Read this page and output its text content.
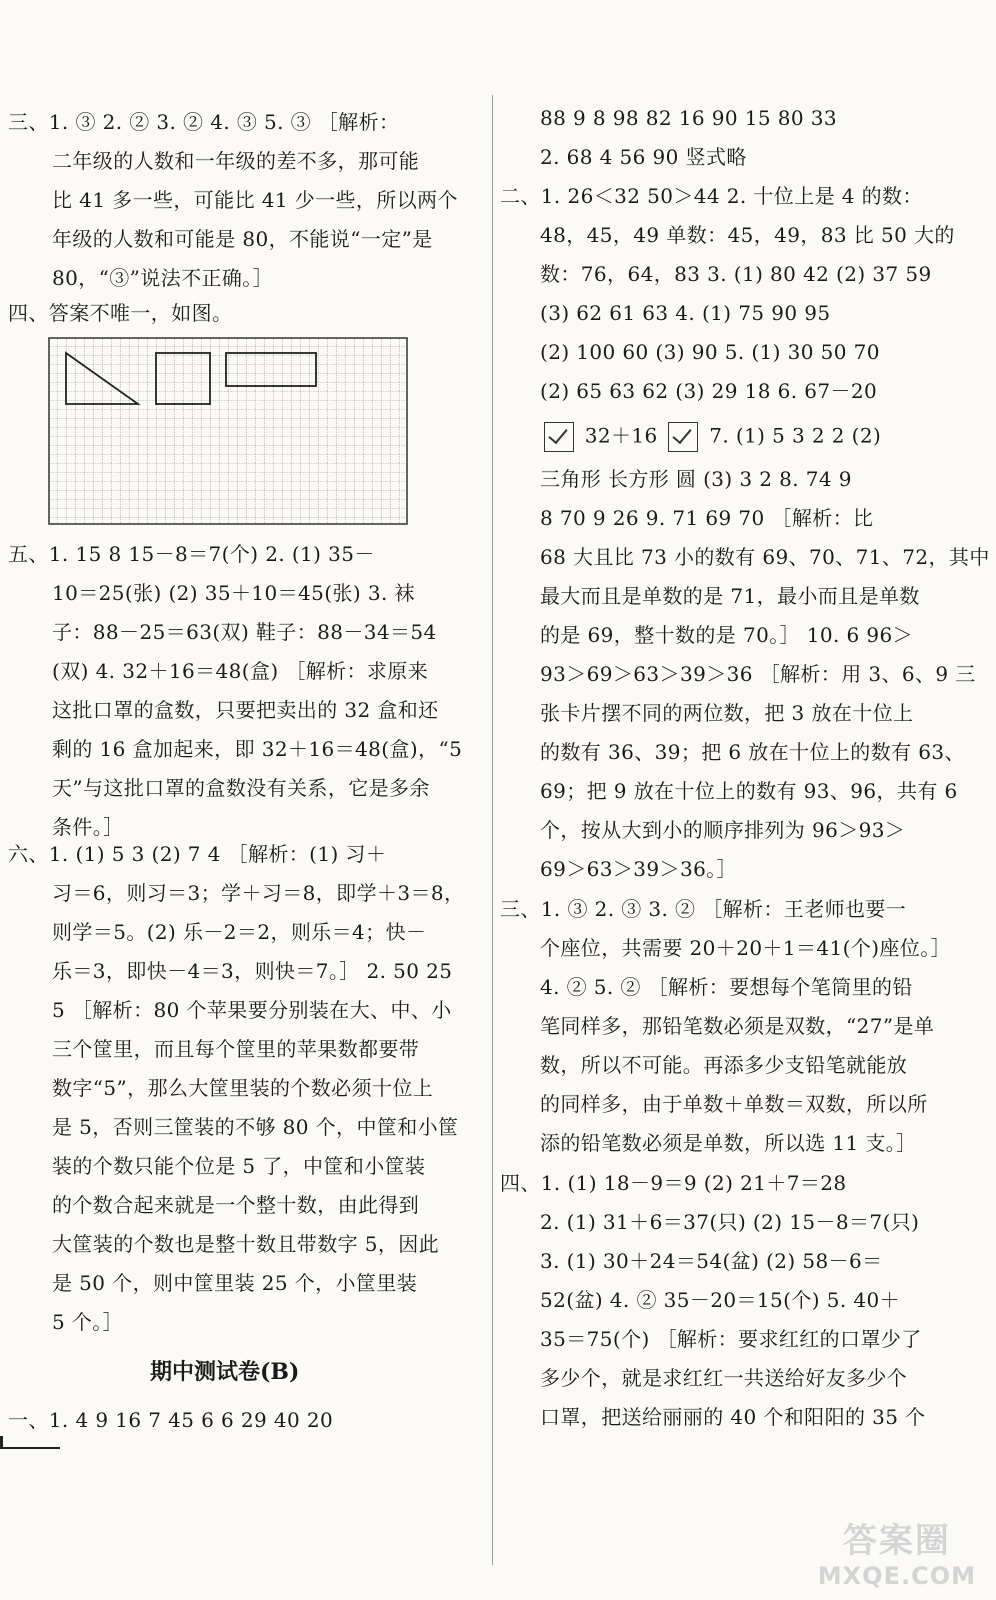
三、1. ③ 2. ② 3. ② 4. ③ 5. ③ ［解析：
二年级的人数和一年级的差不多，那可能
比 41 多一些，可能比 41 少一些，所以两个
年级的人数和可能是 80，不能说“一定”是
80，“③”说法不正确。］
四、答案不唯一，如图。
五、1. 15 8 15－8＝7(个) 2. (1) 35－
10＝25(张) (2) 35＋10＝45(张) 3. 袜
子：88－25＝63(双) 鞋子：88－34＝54
(双) 4. 32＋16＝48(盒) ［解析：求原来
这批口罩的盒数，只要把卖出的 32 盒和还
剩的 16 盒加起来，即 32＋16＝48(盒)，“5
天”与这批口罩的盒数没有关系，它是多余
条件。］
六、1. (1) 5 3 (2) 7 4 ［解析：(1) 习＋
习＝6，则习＝3；学＋习＝8，即学＋3＝8，
则学＝5。(2) 乐－2＝2，则乐＝4；快－
乐＝3，即快－4＝3，则快＝7。］ 2. 50 25
5 ［解析：80 个苹果要分别装在大、中、小
三个筐里，而且每个筐里的苹果数都要带
数字“5”，那么大筐里装的个数必须十位上
是 5，否则三筐装的不够 80 个，中筐和小筐
装的个数只能个位是 5 了，中筐和小筐装
的个数合起来就是一个整十数，由此得到
大筐装的个数也是整十数且带数字 5，因此
是 50 个，则中筐里装 25 个，小筐里装
5 个。］
期中测试卷(B)
一、1. 4 9 16 7 45 6 6 29 40 20
88 9 8 98 82 16 90 15 80 33
2. 68 4 56 90 竖式略
二、1. 26＜32 50＞44 2. 十位上是 4 的数：
48，45，49 单数：45，49，83 比 50 大的
数：76，64，83 3. (1) 80 42 (2) 37 59
(3) 62 61 63 4. (1) 75 90 95
(2) 100 60 (3) 90 5. (1) 30 50 70
(2) 65 63 62 (3) 29 18 6. 67－20
32＋16	7. (1) 5 3 2 2 (2)
三角形 长方形 圆 (3) 3 2 8. 74 9
8 70 9 26 9. 71 69 70 ［解析：比
68 大且比 73 小的数有 69、70、71、72，其中
最大而且是单数的是 71，最小而且是单数
的是 69，整十数的是 70。］ 10. 6 96＞
93＞69＞63＞39＞36 ［解析：用 3、6、9 三
张卡片摆不同的两位数，把 3 放在十位上
的数有 36、39；把 6 放在十位上的数有 63、
69；把 9 放在十位上的数有 93、96，共有 6
个，按从大到小的顺序排列为 96＞93＞
69＞63＞39＞36。］
三、1. ③ 2. ③ 3. ② ［解析：王老师也要一
个座位，共需要 20＋20＋1＝41(个)座位。］
4. ② 5. ② ［解析：要想每个笔筒里的铅
笔同样多，那铅笔数必须是双数，“27”是单
数，所以不可能。再添多少支铅笔就能放
的同样多，由于单数＋单数＝双数，所以所
添的铅笔数必须是单数，所以选 11 支。］
四、1. (1) 18－9＝9 (2) 21＋7＝28
2. (1) 31＋6＝37(只) (2) 15－8＝7(只)
3. (1) 30＋24＝54(盆) (2) 58－6＝
52(盆) 4. ② 35－20＝15(个) 5. 40＋
35＝75(个) ［解析：要求红红的口罩少了
多少个，就是求红红一共送给好友多少个
口罩，把送给丽丽的 40 个和阳阳的 35 个
答案圈
MXQE.COM
